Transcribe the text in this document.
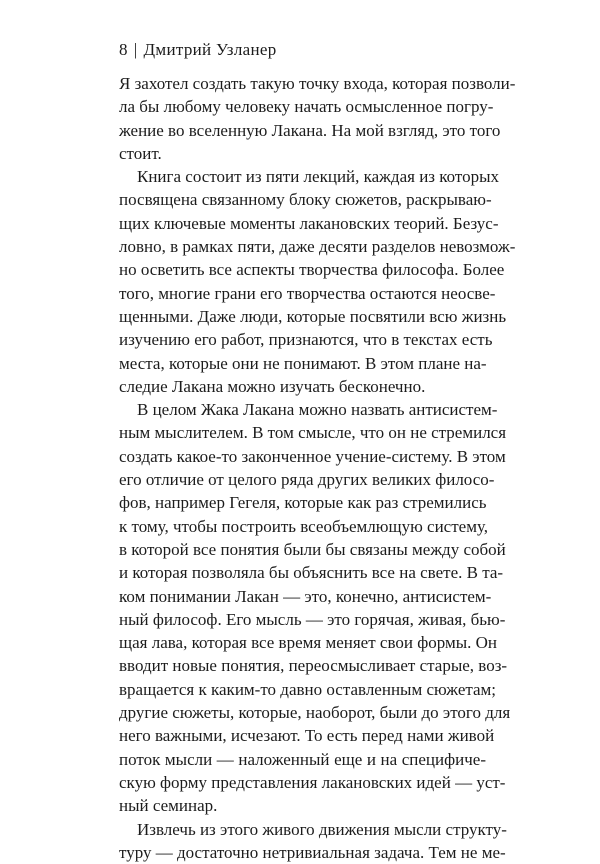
8 | Дмитрий Узланер
Я захотел создать такую точку входа, которая позволи-
ла бы любому человеку начать осмысленное погру-
жение во вселенную Лакана. На мой взгляд, это того
стоит.
Книга состоит из пяти лекций, каждая из которых
посвящена связанному блоку сюжетов, раскрываю-
щих ключевые моменты лакановских теорий. Безус-
ловно, в рамках пяти, даже десяти разделов невозмож-
но осветить все аспекты творчества философа. Более
того, многие грани его творчества остаются неосве-
щенными. Даже люди, которые посвятили всю жизнь
изучению его работ, признаются, что в текстах есть
места, которые они не понимают. В этом плане на-
следие Лакана можно изучать бесконечно.
В целом Жака Лакана можно назвать антисистем-
ным мыслителем. В том смысле, что он не стремился
создать какое-то законченное учение-систему. В этом
его отличие от целого ряда других великих филосо-
фов, например Гегеля, которые как раз стремились
к тому, чтобы построить всеобъемлющую систему,
в которой все понятия были бы связаны между собой
и которая позволяла бы объяснить все на свете. В та-
ком понимании Лакан — это, конечно, антисистем-
ный философ. Его мысль — это горячая, живая, бью-
щая лава, которая все время меняет свои формы. Он
вводит новые понятия, переосмысливает старые, воз-
вращается к каким-то давно оставленным сюжетам;
другие сюжеты, которые, наоборот, были до этого для
него важными, исчезают. То есть перед нами живой
поток мысли — наложенный еще и на специфиче-
скую форму представления лакановских идей — уст-
ный семинар.
Извлечь из этого живого движения мысли структу-
туру — достаточно нетривиальная задача. Тем не ме-
